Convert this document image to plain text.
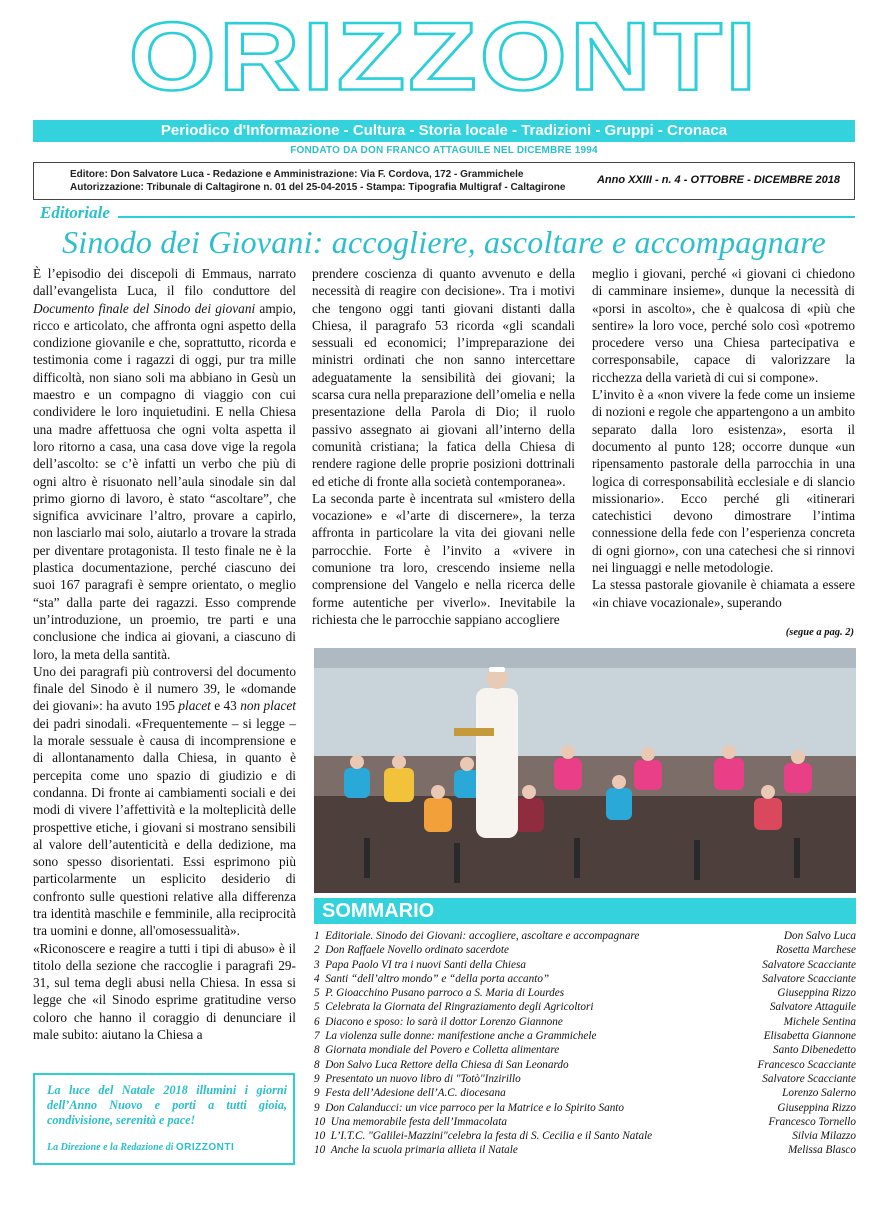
ORIZZONTI
Periodico d'Informazione - Cultura - Storia locale - Tradizioni - Gruppi - Cronaca
FONDATO DA DON FRANCO ATTAGUILE NEL DICEMBRE 1994
Editore: Don Salvatore Luca - Redazione e Amministrazione: Via F. Cordova, 172 - Grammichele
Autorizzazione: Tribunale di Caltagirone n. 01 del 25-04-2015 - Stampa: Tipografia Multigraf - Caltagirone
Anno XXIII - n. 4 - OTTOBRE - DICEMBRE 2018
Editoriale
Sinodo dei Giovani: accogliere, ascoltare e accompagnare

È l’episodio dei discepoli di Emmaus, narrato dall’evangelista Luca, il filo conduttore del Documento finale del Sinodo dei giovani ampio, ricco e articolato, che affronta ogni aspetto della condizione giovanile e che, soprattutto, ricorda e testimonia come i ragazzi di oggi, pur tra mille difficoltà, non siano soli ma abbiano in Gesù un maestro e un compagno di viaggio con cui condividere le loro inquietudini. E nella Chiesa una madre affettuosa che ogni volta aspetta il loro ritorno a casa, una casa dove vige la regola dell’ascolto: se c’è infatti un verbo che più di ogni altro è risuonato nell’aula sinodale sin dal primo giorno di lavoro, è stato “ascoltare”, che significa avvicinare l’altro, provare a capirlo, non lasciarlo mai solo, aiutarlo a trovare la strada per diventare protagonista. Il testo finale ne è la plastica documentazione, perché ciascuno dei suoi 167 paragrafi è sempre orientato, o meglio “sta” dalla parte dei ragazzi. Esso comprende un’introduzione, un proemio, tre parti e una conclusione che indica ai giovani, a ciascuno di loro, la meta della santità.

Uno dei paragrafi più controversi del documento finale del Sinodo è il numero 39, le «domande dei giovani»: ha avuto 195 placet e 43 non placet dei padri sinodali. «Frequentemente – si legge – la morale sessuale è causa di incomprensione e di allontanamento dalla Chiesa, in quanto è percepita come uno spazio di giudizio e di condanna. Di fronte ai cambiamenti sociali e dei modi di vivere l’affettività e la molteplicità delle prospettive etiche, i giovani si mostrano sensibili al valore dell’autenticità e della dedizione, ma sono spesso disorientati. Essi esprimono più particolarmente un esplicito desiderio di confronto sulle questioni relative alla differenza tra identità maschile e femminile, alla reciprocità tra uomini e donne, all'omosessualità».

«Riconoscere e reagire a tutti i tipi di abuso» è il titolo della sezione che raccoglie i paragrafi 29-31, sul tema degli abusi nella Chiesa. In essa si legge che «il Sinodo esprime gratitudine verso coloro che hanno il coraggio di denunciare il male subito: aiutano la Chiesa a

prendere coscienza di quanto avvenuto e della necessità di reagire con decisione». Tra i motivi che tengono oggi tanti giovani distanti dalla Chiesa, il paragrafo 53 ricorda «gli scandali sessuali ed economici; l’impreparazione dei ministri ordinati che non sanno intercettare adeguatamente la sensibilità dei giovani; la scarsa cura nella preparazione dell’omelia e nella presentazione della Parola di Dio; il ruolo passivo assegnato ai giovani all’interno della comunità cristiana; la fatica della Chiesa di rendere ragione delle proprie posizioni dottrinali ed etiche di fronte alla società contemporanea».

La seconda parte è incentrata sul «mistero della vocazione» e «l’arte di discernere», la terza affronta in particolare la vita dei giovani nelle parrocchie. Forte è l’invito a «vivere in comunione tra loro, crescendo insieme nella comprensione del Vangelo e nella ricerca delle forme autentiche per viverlo». Inevitabile la richiesta che le parrocchie sappiano accogliere

meglio i giovani, perché «i giovani ci chiedono di camminare insieme», dunque la necessità di «porsi in ascolto», che è qualcosa di «più che sentire» la loro voce, perché solo così «potremo procedere verso una Chiesa partecipativa e corresponsabile, capace di valorizzare la ricchezza della varietà di cui si compone».

L’invito è a «non vivere la fede come un insieme di nozioni e regole che appartengono a un ambito separato dalla loro esistenza», esorta il documento al punto 128; occorre dunque «un ripensamento pastorale della parrocchia in una logica di corresponsabilità ecclesiale e di slancio missionario». Ecco perché gli «itinerari catechistici devono dimostrare l’intima connessione della fede con l’esperienza concreta di ogni giorno», con una catechesi che si rinnovi nei linguaggi e nelle metodologie.

La stessa pastorale giovanile è chiamata a essere «in chiave vocazionale», superando

(segue a pag. 2)
SOMMARIO
1 Editoriale. Sinodo dei Giovani: accogliere, ascoltare e accompagnare	Don Salvo Luca
2 Don Raffaele Novello ordinato sacerdote	Rosetta Marchese
3 Papa Paolo VI tra i nuovi Santi della Chiesa	Salvatore Scacciante
4 Santi “dell’altro mondo” e “della porta accanto”	Salvatore Scacciante
5 P. Gioacchino Pusano parroco a S. Maria di Lourdes	Giuseppina Rizzo
5 Celebrata la Giornata del Ringraziamento degli Agricoltori	Salvatore Attaguile
6 Diacono e sposo: lo sarà il dottor Lorenzo Giannone	Michele Sentina
7 La violenza sulle donne: manifestione anche a Grammichele	Elisabetta Giannone
8 Giornata mondiale del Povero e Colletta alimentare	Santo Dibenedetto
8 Don Salvo Luca Rettore della Chiesa di San Leonardo	Francesco Scacciante
9 Presentato un nuovo libro di "Totò"Inzirillo	Salvatore Scacciante
9 Festa dell’Adesione dell’A.C. diocesana	Lorenzo Salerno
9 Don Calanducci: un vice parroco per la Matrice e lo Spirito Santo	Giuseppina Rizzo
10 Una memorabile festa dell’Immacolata	Francesco Tornello
10 L’I.T.C. "Galilei-Mazzini"celebra la festa di S. Cecilia e il Santo Natale	Silvia Milazzo
10 Anche la scuola primaria allieta il Natale	Melissa Blasco
La luce del Natale 2018 illumini i giorni dell’Anno Nuovo e porti a tutti gioia, condivisione, serenità e pace!
La Direzione e la Redazione di ORIZZONTI
